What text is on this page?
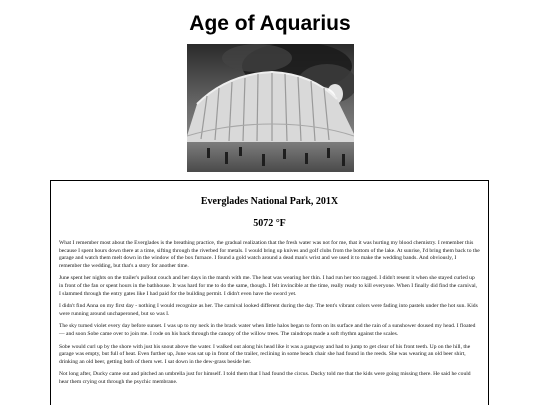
Age of Aquarius
Everglades National Park, 201X
5072 °F

What I remember most about the Everglades is the breathing practice, the gradual realization that the fresh water was not for me, that it was hurting my blood chemistry. I remember this because I spent hours down there at a time, sifting through the riverbed for metals. I would bring up knives and golf clubs from the bottom of the lake. At sunrise, I'd bring them back to the garage and watch them melt down in the window of the box furnace. I found a gold watch around a dead man's wrist and we used it to make the wedding bands. And obviously, I remember the wedding, but that's a story for another time.

June spent her nights on the trailer's pullout couch and her days in the marsh with me. The heat was wearing her thin. I had run her too ragged. I didn't resent it when she stayed curled up in front of the fan or spent hours in the bathhouse. It was hard for me to do the same, though. I felt invincible at the time, really ready to kill everyone. When I finally did find the carnival, I slammed through the entry gates like I had paid for the building permit. I didn't even have the sword yet.

I didn't find Anna on my first day - nothing I would recognize as her. The carnival looked different during the day. The tent's vibrant colors were fading into pastels under the hot sun. Kids were running around unchaperoned, but so was I.

The sky turned violet every day before sunset. I was up to my neck in the brack water when little halos began to form on its surface and the rain of a sunshower doused my head. I floated — and soon Sobe came over to join me. I rode on his back through the canopy of the willow trees. The raindrops made a soft rhythm against the scales.

Sobe would curl up by the shore with just his snout above the water. I walked out along his head like it was a gangway and had to jump to get clear of his front teeth. Up on the hill, the garage was empty, but full of heat. Even further up, June was sat up in front of the trailer, reclining in some beach chair she had found in the reeds. She was wearing an old beer shirt, drinking an old beer, getting both of them wet. I sat down in the dew-grass beside her.

Not long after, Ducky came out and pitched an umbrella just for himself. I told them that I had found the circus. Ducky told me that the kids were going missing there. He said he could hear them crying out through the psychic membrane.
